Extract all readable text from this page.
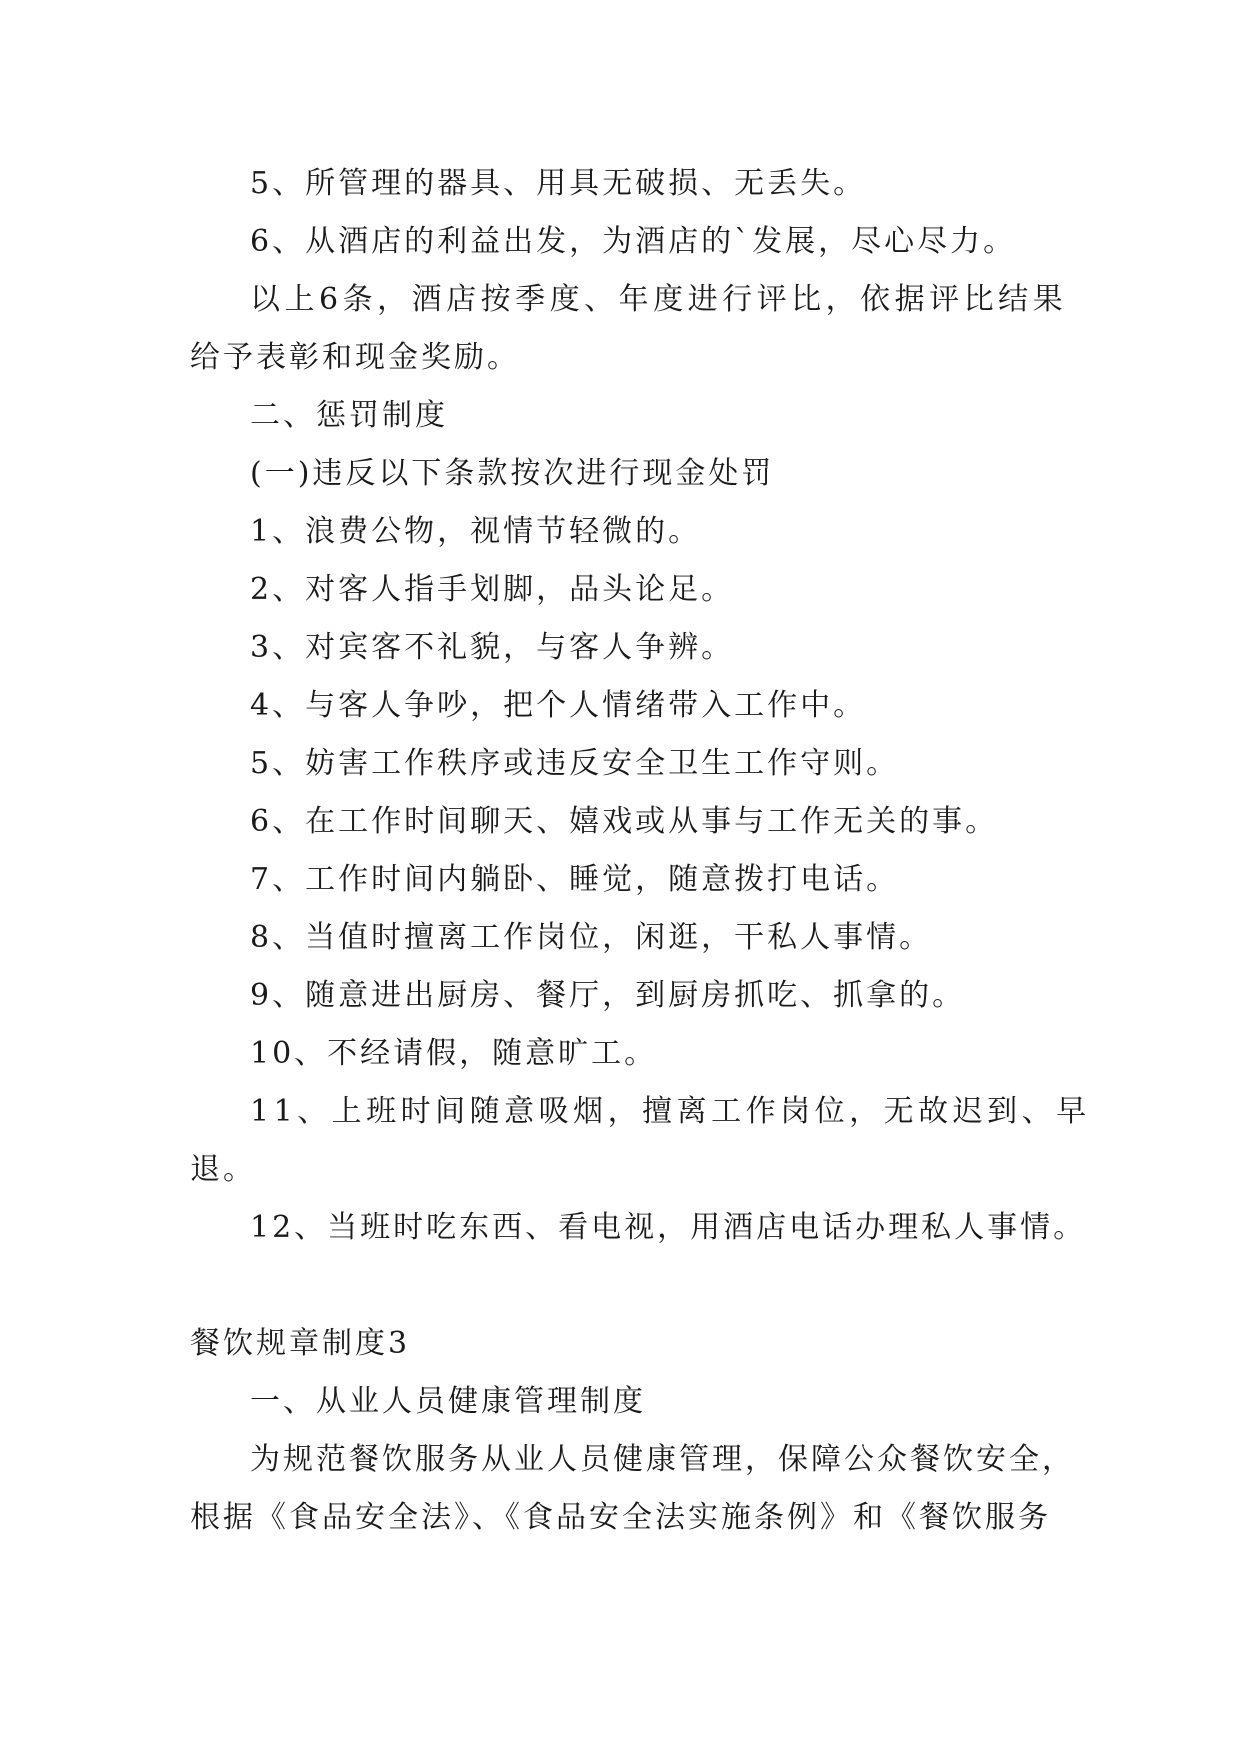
5、所管理的器具、用具无破损、无丢失。
6、从酒店的利益出发，为酒店的`发展，尽心尽力。
以上6条，酒店按季度、年度进行评比，依据评比结果
给予表彰和现金奖励。
二、惩罚制度
(一)违反以下条款按次进行现金处罚
1、浪费公物，视情节轻微的。
2、对客人指手划脚，品头论足。
3、对宾客不礼貌，与客人争辨。
4、与客人争吵，把个人情绪带入工作中。
5、妨害工作秩序或违反安全卫生工作守则。
6、在工作时间聊天、嬉戏或从事与工作无关的事。
7、工作时间内躺卧、睡觉，随意拨打电话。
8、当值时擅离工作岗位，闲逛，干私人事情。
9、随意进出厨房、餐厅，到厨房抓吃、抓拿的。
10、不经请假，随意旷工。
11、上班时间随意吸烟，擅离工作岗位，无故迟到、早
退。
12、当班时吃东西、看电视，用酒店电话办理私人事情。
餐饮规章制度3
一、从业人员健康管理制度
为规范餐饮服务从业人员健康管理，保障公众餐饮安全，
根据《食品安全法》、《食品安全法实施条例》和《餐饮服务
